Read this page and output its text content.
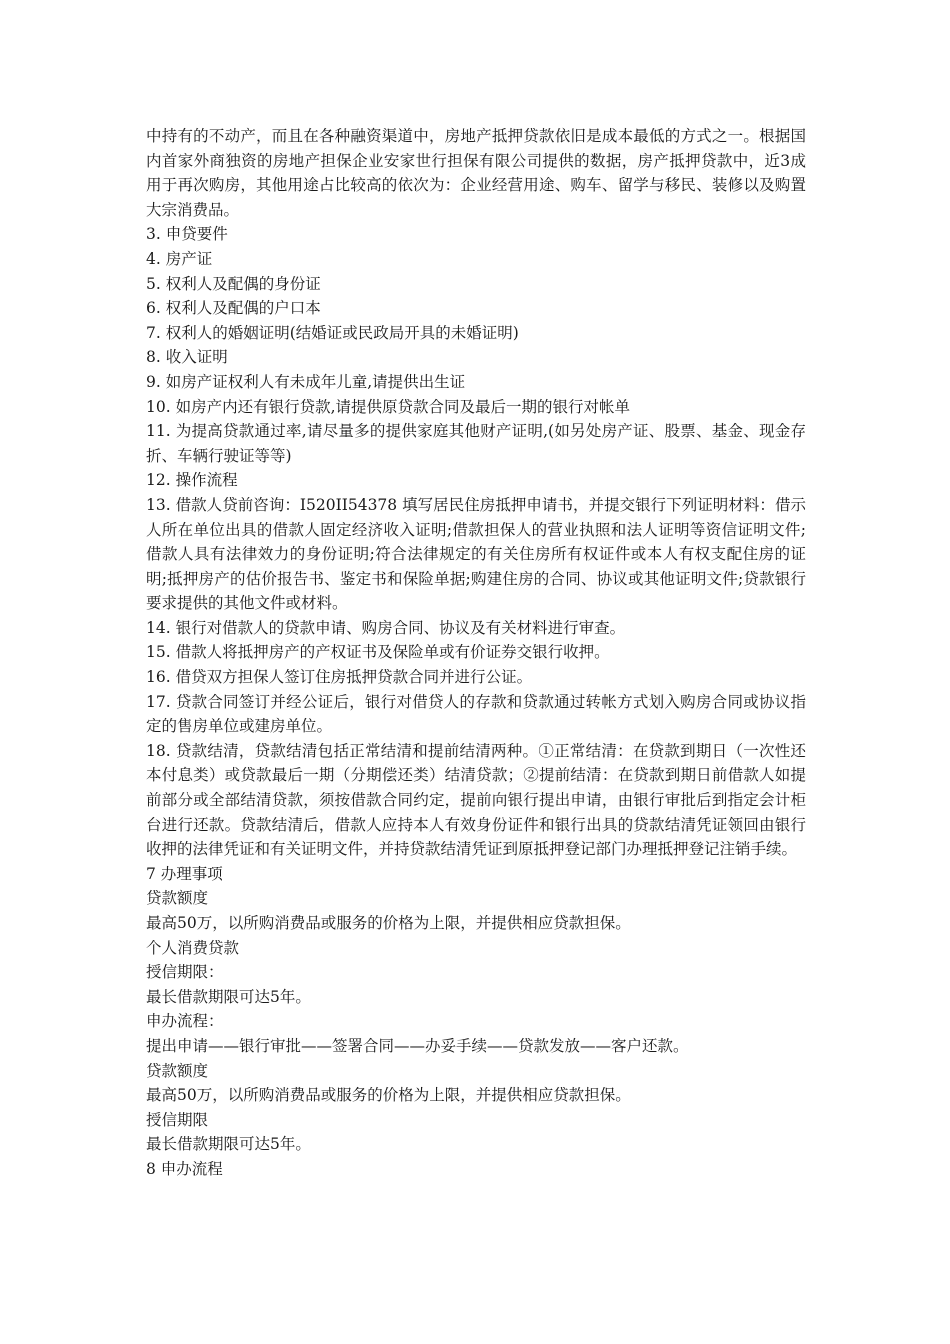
中持有的不动产，而且在各种融资渠道中，房地产抵押贷款依旧是成本最低的方式之一。根据国内首家外商独资的房地产担保企业安家世行担保有限公司提供的数据，房产抵押贷款中，近3成用于再次购房，其他用途占比较高的依次为：企业经营用途、购车、留学与移民、装修以及购置大宗消费品。

3. 申贷要件

4. 房产证

5. 权利人及配偶的身份证

6. 权利人及配偶的户口本

7. 权利人的婚姻证明(结婚证或民政局开具的未婚证明)

8. 收入证明

9. 如房产证权利人有未成年儿童,请提供出生证

10. 如房产内还有银行贷款,请提供原贷款合同及最后一期的银行对帐单

11. 为提高贷款通过率,请尽量多的提供家庭其他财产证明,(如另处房产证、股票、基金、现金存折、车辆行驶证等等)

12. 操作流程

13. 借款人贷前咨询：I520II54378 填写居民住房抵押申请书，并提交银行下列证明材料：借示人所在单位出具的借款人固定经济收入证明;借款担保人的营业执照和法人证明等资信证明文件;借款人具有法律效力的身份证明;符合法律规定的有关住房所有权证件或本人有权支配住房的证明;抵押房产的估价报告书、鉴定书和保险单据;购建住房的合同、协议或其他证明文件;贷款银行要求提供的其他文件或材料。

14. 银行对借款人的贷款申请、购房合同、协议及有关材料进行审查。

15. 借款人将抵押房产的产权证书及保险单或有价证券交银行收押。

16. 借贷双方担保人签订住房抵押贷款合同并进行公证。

17. 贷款合同签订并经公证后，银行对借贷人的存款和贷款通过转帐方式划入购房合同或协议指定的售房单位或建房单位。

18. 贷款结清，贷款结清包括正常结清和提前结清两种。①正常结清：在贷款到期日（一次性还本付息类）或贷款最后一期（分期偿还类）结清贷款；②提前结清：在贷款到期日前借款人如提前部分或全部结清贷款，须按借款合同约定，提前向银行提出申请，由银行审批后到指定会计柜台进行还款。贷款结清后，借款人应持本人有效身份证件和银行出具的贷款结清凭证领回由银行收押的法律凭证和有关证明文件，并持贷款结清凭证到原抵押登记部门办理抵押登记注销手续。

7 办理事项

贷款额度

最高50万，以所购消费品或服务的价格为上限，并提供相应贷款担保。

个人消费贷款

授信期限：

最长借款期限可达5年。

申办流程：

提出申请——银行审批——签署合同——办妥手续——贷款发放——客户还款。

贷款额度

最高50万，以所购消费品或服务的价格为上限，并提供相应贷款担保。

授信期限

最长借款期限可达5年。

8 申办流程
